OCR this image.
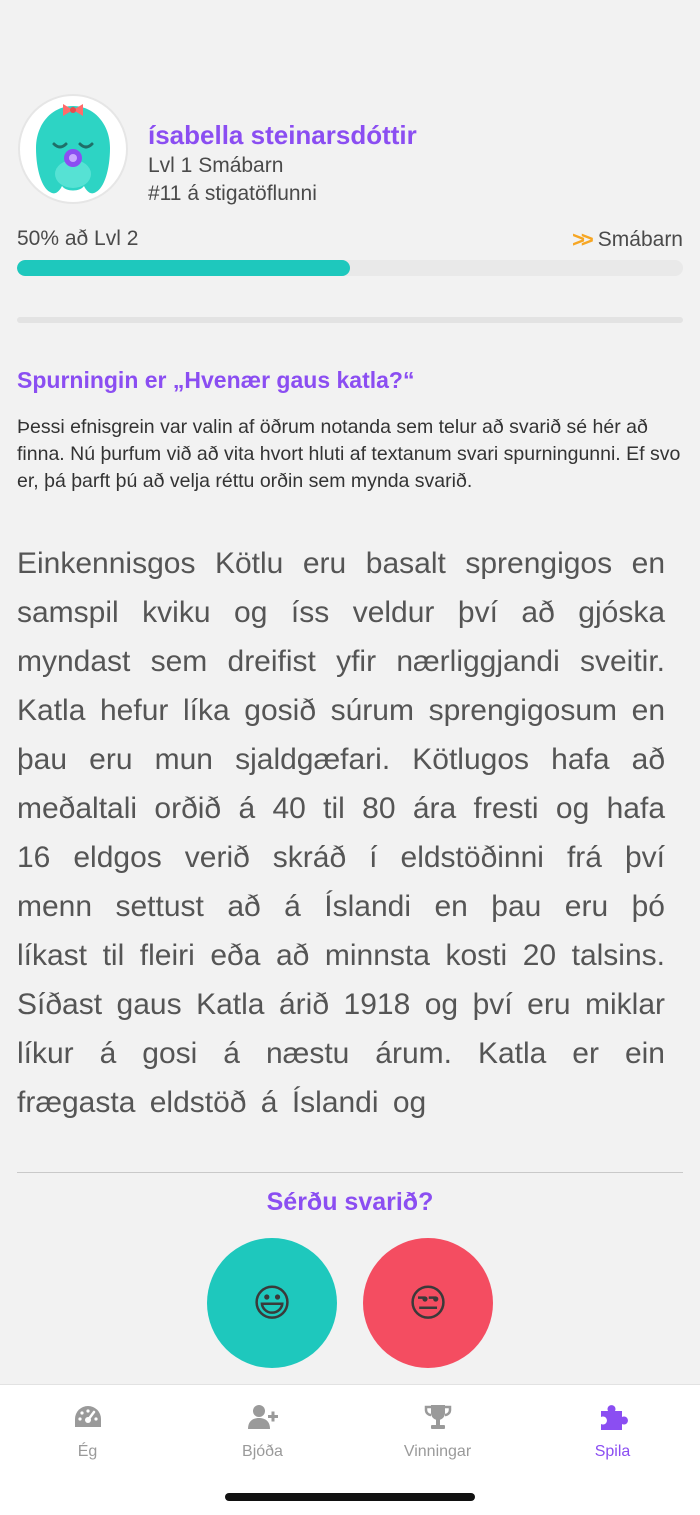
ísabella steinarsdóttir
Lvl 1 Smábarn
#11 á stigatöflunni
50% að Lvl 2	>> Smábarn
Spurningin er „Hvenær gaus katla?“
Þessi efnisgrein var valin af öðrum notanda sem telur að svarið sé hér að finna. Nú þurfum við að vita hvort hluti af textanum svari spurningunni. Ef svo er, þá þarft þú að velja réttu orðin sem mynda svarið.
Einkennisgos Kötlu eru basalt sprengigos en samspil kviku og íss veldur því að gjóska myndast sem dreifist yfir nærliggjandi sveitir. Katla hefur líka gosið súrum sprengigosum en þau eru mun sjaldgæfari. Kötlugos hafa að meðaltali orðið á 40 til 80 ára fresti og hafa 16 eldgos verið skráð í eldstöðinni frá því menn settust að á Íslandi en þau eru þó líkast til fleiri eða að minnsta kosti 20 talsins. Síðast gaus Katla árið 1918 og því eru miklar líkur á gosi á næstu árum. Katla er ein frægasta eldstöð á Íslandi og
Sérðu svarið?
😃	😒
Ég	Bjóða	Vinningar	Spila
